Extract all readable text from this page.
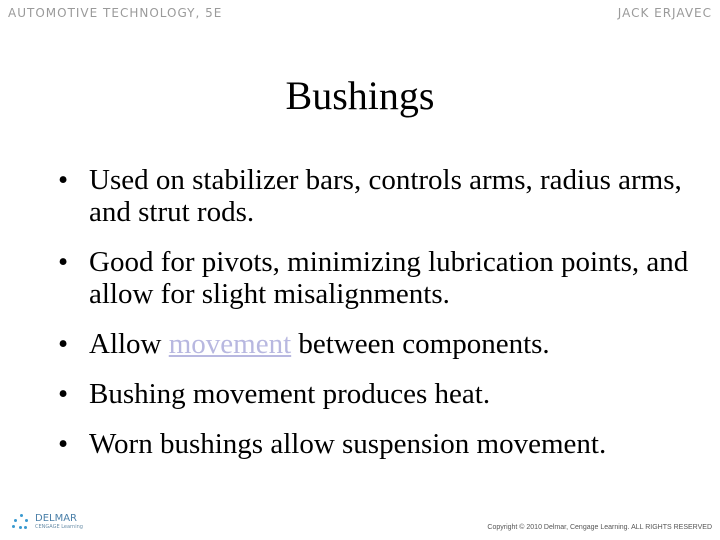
AUTOMOTIVE TECHNOLOGY, 5E	JACK ERJAVEC
Bushings
• Used on stabilizer bars, controls arms, radius arms, and strut rods.
• Good for pivots, minimizing lubrication points, and allow for slight misalignments.
• Allow movement between components.
• Bushing movement produces heat.
• Worn bushings allow suspension movement.
DELMAR
CENGAGE Learning	Copyright © 2010 Delmar, Cengage Learning. ALL RIGHTS RESERVED
